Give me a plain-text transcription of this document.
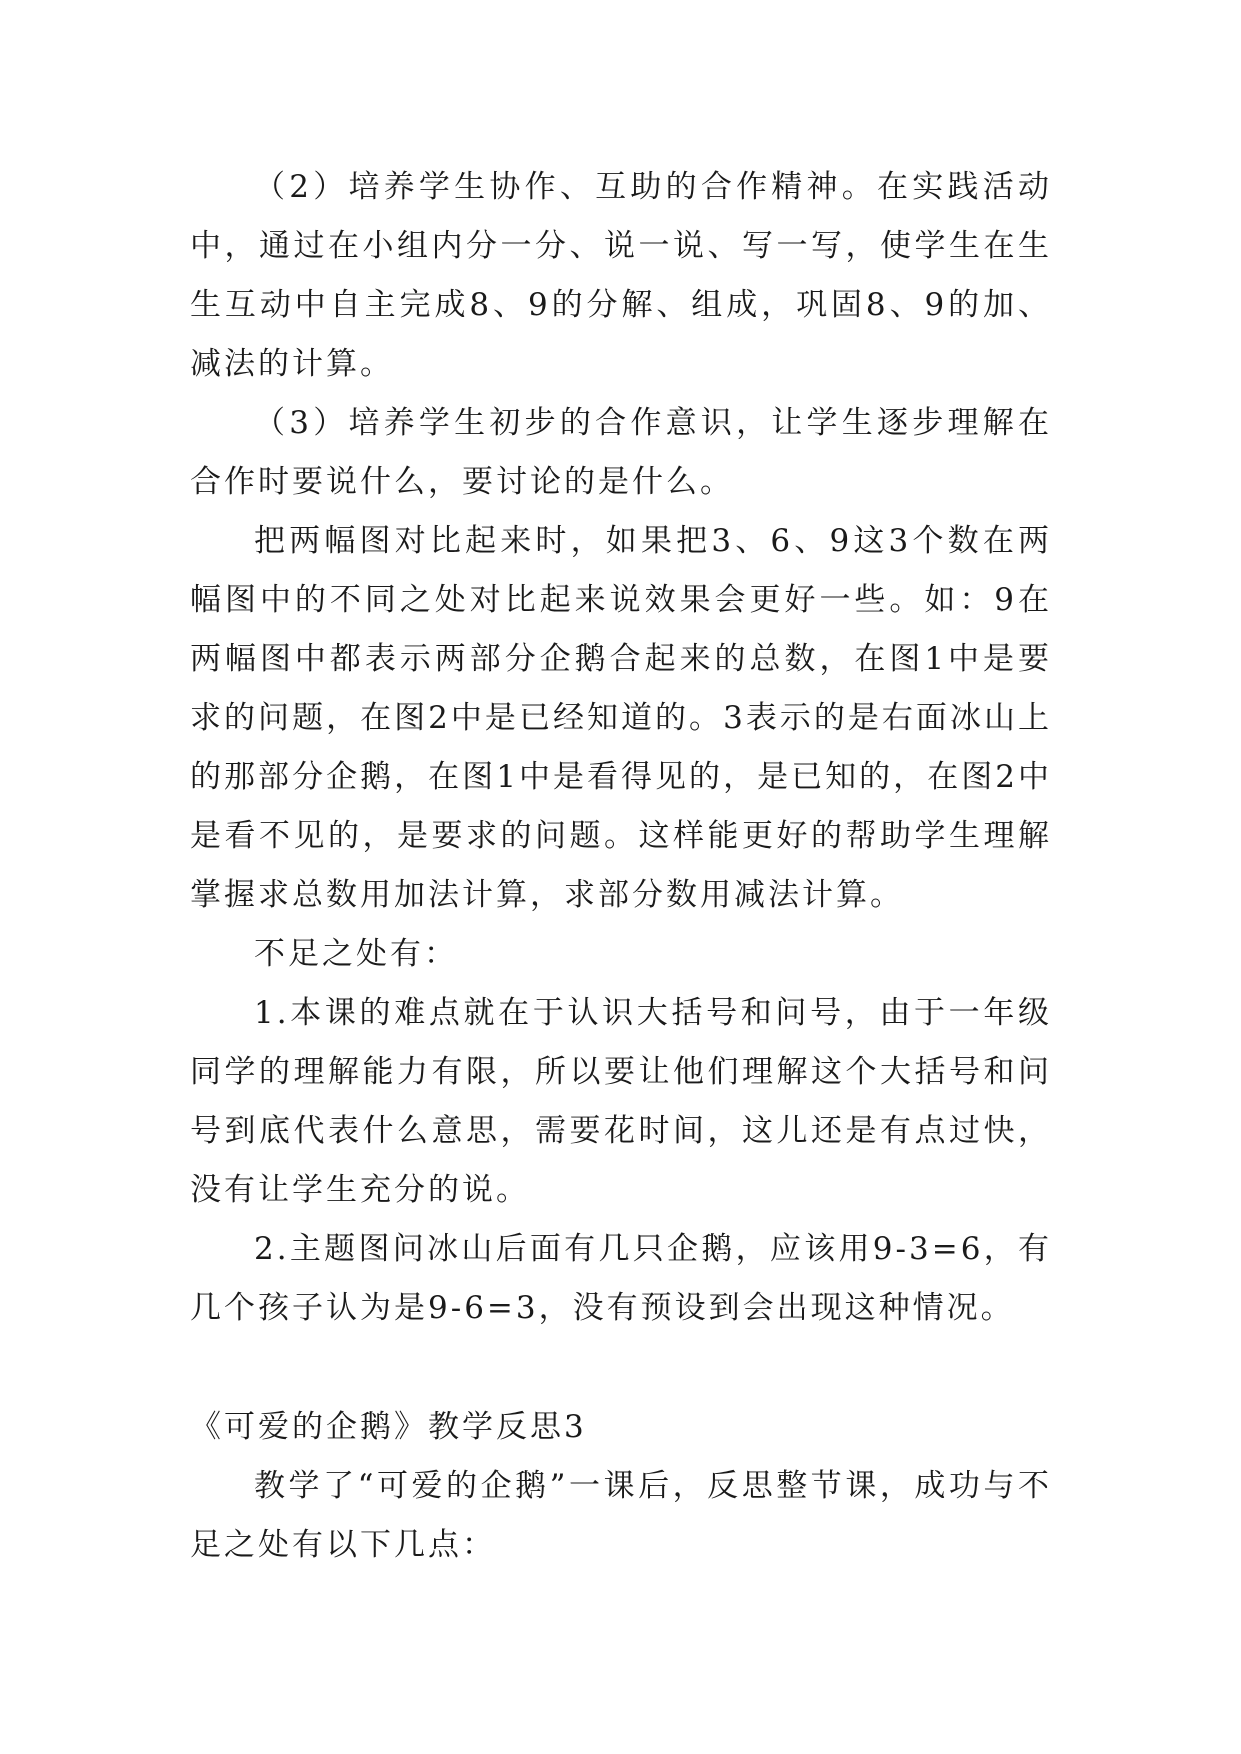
（2）培养学生协作、互助的合作精神。在实践活动中，通过在小组内分一分、说一说、写一写，使学生在生生互动中自主完成8、9的分解、组成，巩固8、9的加、减法的计算。

（3）培养学生初步的合作意识，让学生逐步理解在合作时要说什么，要讨论的是什么。

把两幅图对比起来时，如果把3、6、9这3个数在两幅图中的不同之处对比起来说效果会更好一些。如：9在两幅图中都表示两部分企鹅合起来的总数，在图1中是要求的问题，在图2中是已经知道的。3表示的是右面冰山上的那部分企鹅，在图1中是看得见的，是已知的，在图2中是看不见的，是要求的问题。这样能更好的帮助学生理解掌握求总数用加法计算，求部分数用减法计算。

不足之处有：

1.本课的难点就在于认识大括号和问号，由于一年级同学的理解能力有限，所以要让他们理解这个大括号和问号到底代表什么意思，需要花时间，这儿还是有点过快，没有让学生充分的说。

2.主题图问冰山后面有几只企鹅，应该用9-3=6，有几个孩子认为是9-6=3，没有预设到会出现这种情况。

《可爱的企鹅》教学反思3

教学了“可爱的企鹅”一课后，反思整节课，成功与不足之处有以下几点：
